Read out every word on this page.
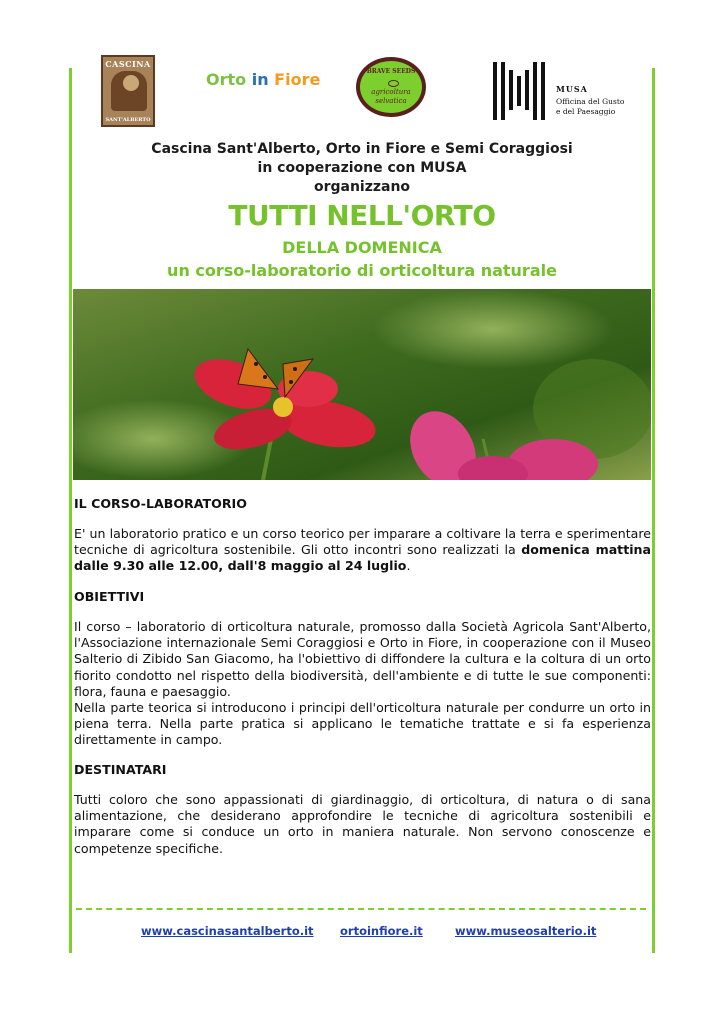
CASCINA
SANT'ALBERTO
Orto in Fiore	BRAVE SEEDS
agricoltura
selvatica
MUSA
Officina del Gusto
e del Paesaggio
Cascina Sant'Alberto, Orto in Fiore e Semi Coraggiosi
in cooperazione con MUSA
organizzano
TUTTI NELL'ORTO
DELLA DOMENICA
un corso-laboratorio di orticoltura naturale
IL CORSO-LABORATORIO
E' un laboratorio pratico e un corso teorico per imparare a coltivare la terra e sperimentare tecniche di agricoltura sostenibile. Gli otto incontri sono realizzati la domenica mattina dalle 9.30 alle 12.00, dall'8 maggio al 24 luglio.
OBIETTIVI
Il corso – laboratorio di orticoltura naturale, promosso dalla Società Agricola Sant'Alberto, l'Associazione internazionale Semi Coraggiosi e Orto in Fiore, in cooperazione con il Museo Salterio di Zibido San Giacomo, ha l'obiettivo di diffondere la cultura e la coltura di un orto fiorito condotto nel rispetto della biodiversità, dell'ambiente e di tutte le sue componenti: flora, fauna e paesaggio.
Nella parte teorica si introducono i principi dell'orticoltura naturale per condurre un orto in piena terra. Nella parte pratica si applicano le tematiche trattate e si fa esperienza direttamente in campo.
DESTINATARI
Tutti coloro che sono appassionati di giardinaggio, di orticoltura, di natura o di sana alimentazione, che desiderano approfondire le tecniche di agricoltura sostenibili e imparare come si conduce un orto in maniera naturale. Non servono conoscenze e competenze specifiche.
www.cascinasantalberto.it ortoinfiore.it	www.museosalterio.it
